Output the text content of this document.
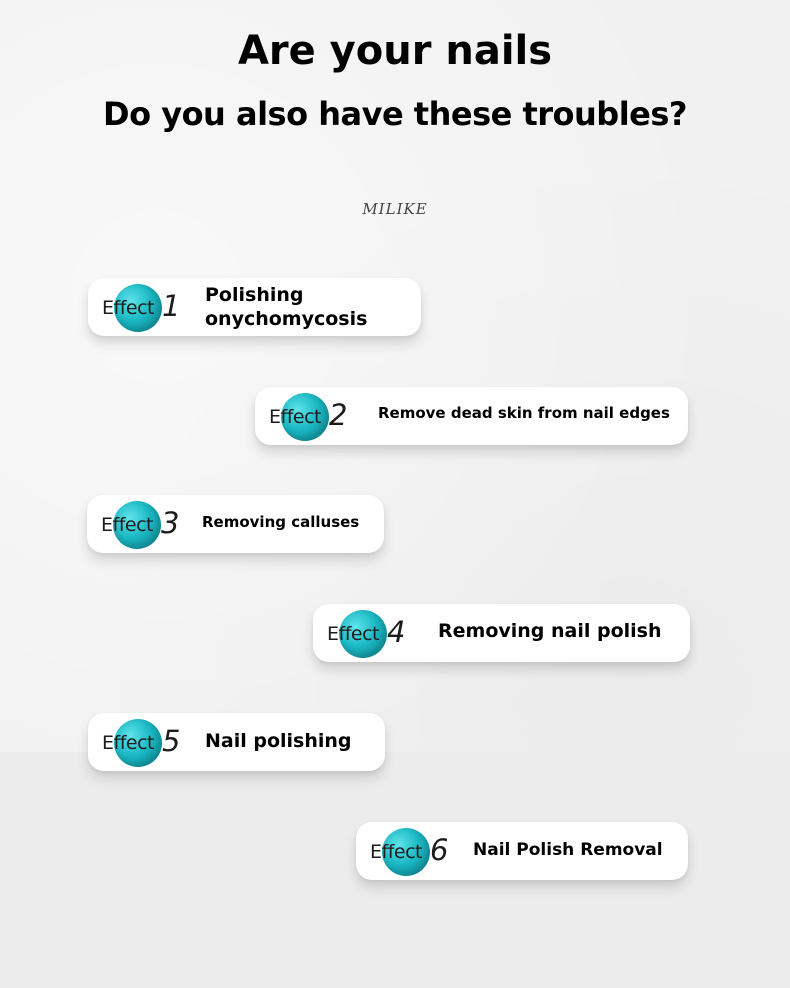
Are your nails
Do you also have these troubles?
MILIKE
Effect 1 Polishing
onychomycosis
Effect 2 Remove dead skin from nail edges
Effect 3 Removing calluses
Effect 4 Removing nail polish
Effect 5 Nail polishing
Effect 6 Nail Polish Removal
